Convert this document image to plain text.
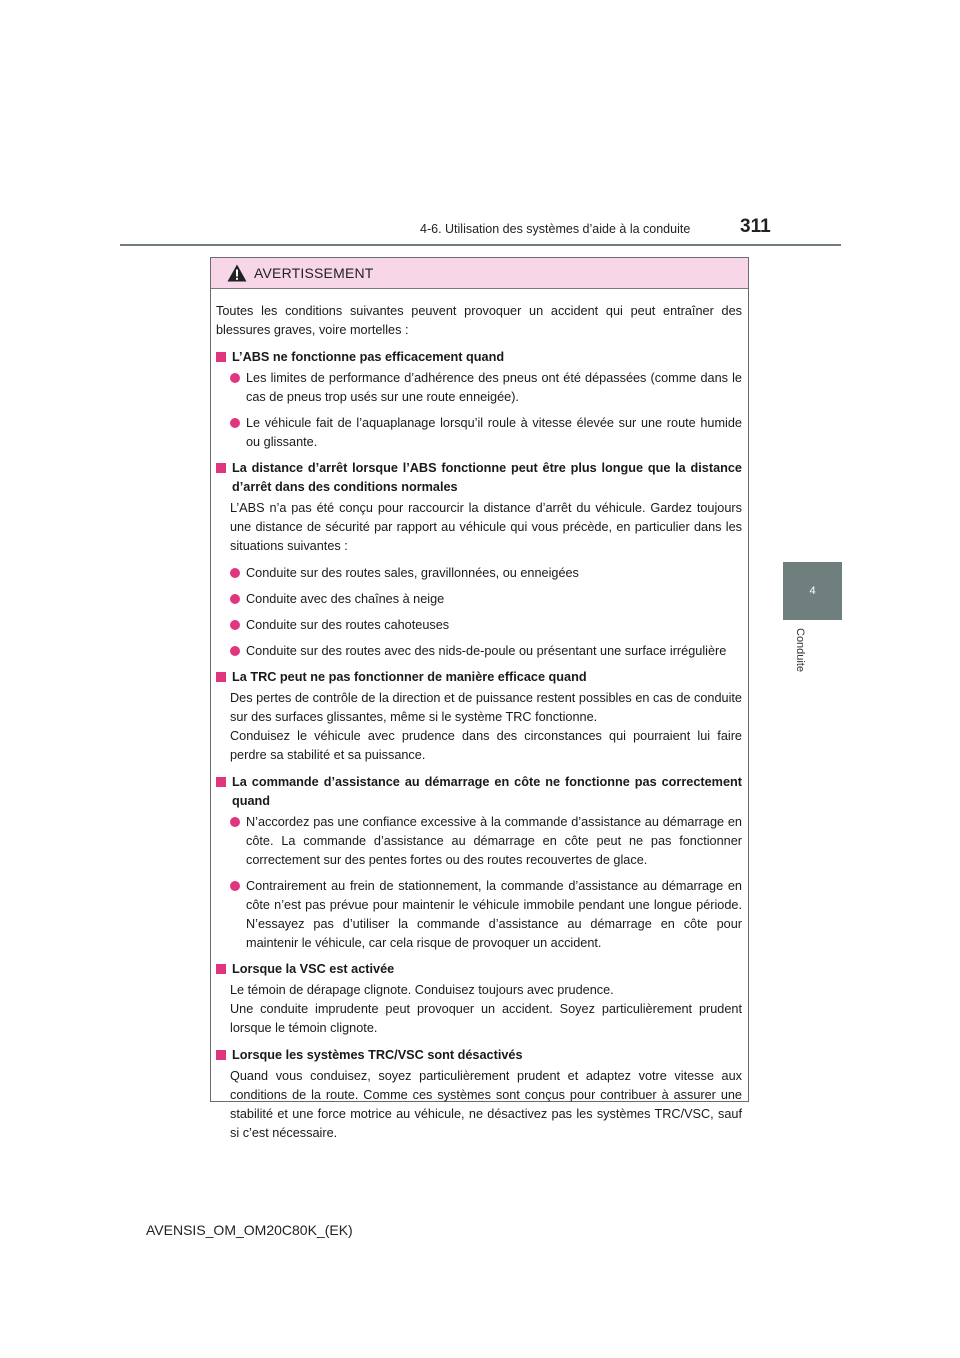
4-6. Utilisation des systèmes d’aide à la conduite	311
4
Conduite
AVERTISSEMENT

Toutes les conditions suivantes peuvent provoquer un accident qui peut entraîner des blessures graves, voire mortelles :

L’ABS ne fonctionne pas efficacement quand
Les limites de performance d’adhérence des pneus ont été dépassées (comme dans le cas de pneus trop usés sur une route enneigée).
Le véhicule fait de l’aquaplanage lorsqu’il roule à vitesse élevée sur une route humide ou glissante.
La distance d’arrêt lorsque l’ABS fonctionne peut être plus longue que la distance d’arrêt dans des conditions normales

L’ABS n’a pas été conçu pour raccourcir la distance d’arrêt du véhicule. Gardez toujours une distance de sécurité par rapport au véhicule qui vous précède, en particulier dans les situations suivantes :

Conduite sur des routes sales, gravillonnées, ou enneigées
Conduite avec des chaînes à neige
Conduite sur des routes cahoteuses
Conduite sur des routes avec des nids-de-poule ou présentant une surface irrégulière
La TRC peut ne pas fonctionner de manière efficace quand

Des pertes de contrôle de la direction et de puissance restent possibles en cas de conduite sur des surfaces glissantes, même si le système TRC fonctionne.

Conduisez le véhicule avec prudence dans des circonstances qui pourraient lui faire perdre sa stabilité et sa puissance.

La commande d’assistance au démarrage en côte ne fonctionne pas correctement quand
N’accordez pas une confiance excessive à la commande d’assistance au démarrage en côte. La commande d’assistance au démarrage en côte peut ne pas fonctionner correctement sur des pentes fortes ou des routes recouvertes de glace.
Contrairement au frein de stationnement, la commande d’assistance au démarrage en côte n’est pas prévue pour maintenir le véhicule immobile pendant une longue période. N’essayez pas d’utiliser la commande d’assistance au démarrage en côte pour maintenir le véhicule, car cela risque de provoquer un accident.
Lorsque la VSC est activée

Le témoin de dérapage clignote. Conduisez toujours avec prudence.

Une conduite imprudente peut provoquer un accident. Soyez particulièrement prudent lorsque le témoin clignote.

Lorsque les systèmes TRC/VSC sont désactivés

Quand vous conduisez, soyez particulièrement prudent et adaptez votre vitesse aux conditions de la route. Comme ces systèmes sont conçus pour contribuer à assurer une stabilité et une force motrice au véhicule, ne désactivez pas les systèmes TRC/VSC, sauf si c’est nécessaire.

AVENSIS_OM_OM20C80K_(EK)
